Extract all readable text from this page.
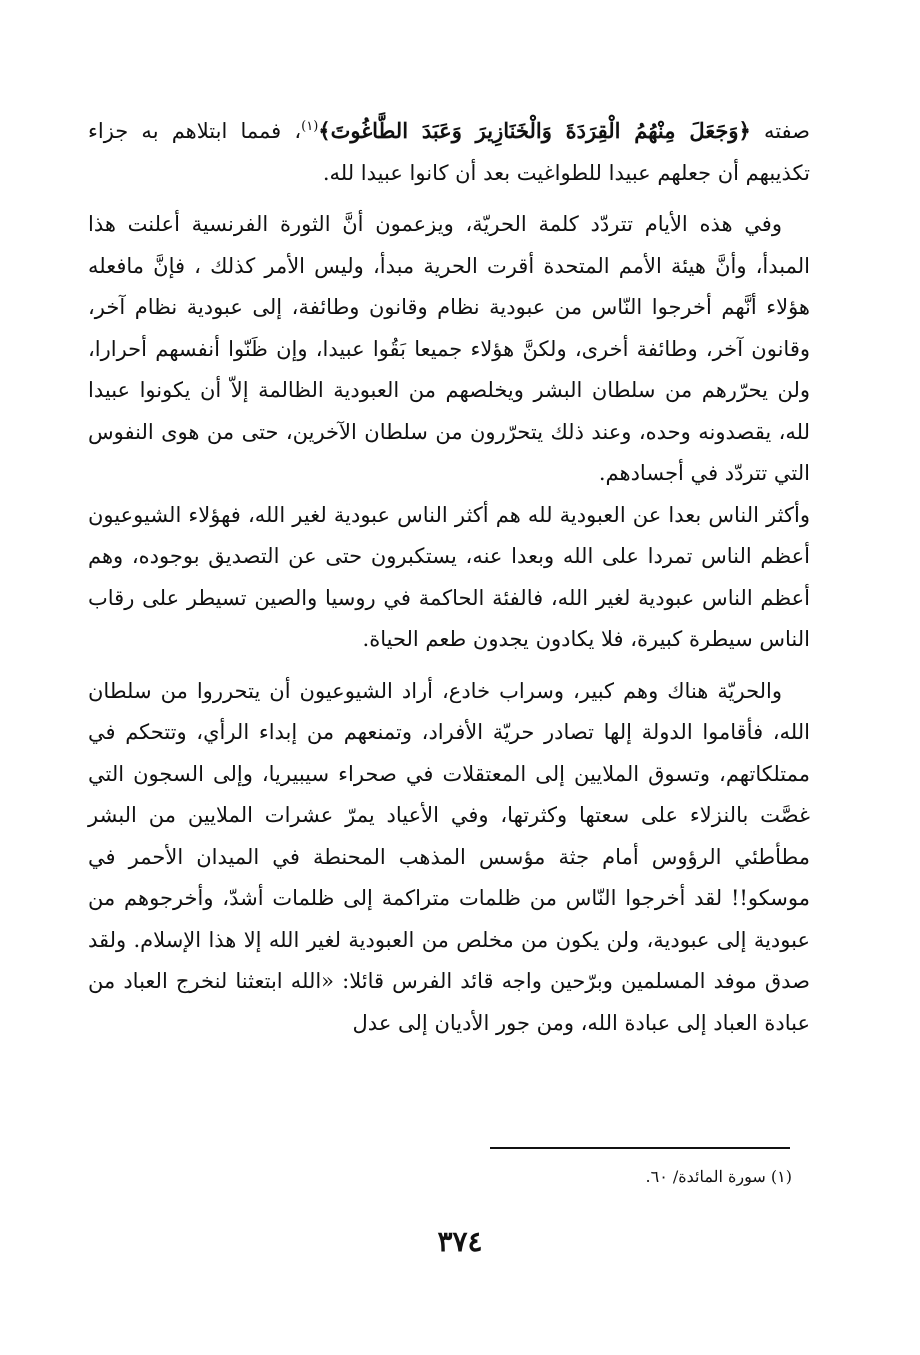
صفته ﴿وَجَعَلَ مِنْهُمُ الْقِرَدَةَ وَالْخَنَازِيرَ وَعَبَدَ الطَّاغُوتَ﴾$^{(١)}$، فمما ابتلاهم به جزاء تكذيبهم أن جعلهم عبيدا للطواغيت بعد أن كانوا عبيدا لله.

وفي هذه الأيام تتردّد كلمة الحريّة، ويزعمون أنَّ الثورة الفرنسية أعلنت هذا المبدأ، وأنَّ هيئة الأمم المتحدة أقرت الحرية مبدأ، وليس الأمر كذلك ، فإنَّ مافعله هؤلاء أنَّهم أخرجوا النّاس من عبودية نظام وقانون وطائفة، إلى عبودية نظام آخر، وقانون آخر، وطائفة أخرى، ولكنَّ هؤلاء جميعا بَقُوا عبيدا، وإن ظَنّوا أنفسهم أحرارا، ولن يحرّرهم من سلطان البشر ويخلصهم من العبودية الظالمة إلاّ أن يكونوا عبيدا لله، يقصدونه وحده، وعند ذلك يتحرّرون من سلطان الآخرين، حتى من هوى النفوس التي تتردّد في أجسادهم.

وأكثر الناس بعدا عن العبودية لله هم أكثر الناس عبودية لغير الله، فهؤلاء الشيوعيون أعظم الناس تمردا على الله وبعدا عنه، يستكبرون حتى عن التصديق بوجوده، وهم أعظم الناس عبودية لغير الله، فالفئة الحاكمة في روسيا والصين تسيطر على رقاب الناس سيطرة كبيرة، فلا يكادون يجدون طعم الحياة.

والحريّة هناك وهم كبير، وسراب خادع، أراد الشيوعيون أن يتحرروا من سلطان الله، فأقاموا الدولة إلها تصادر حريّة الأفراد، وتمنعهم من إبداء الرأي، وتتحكم في ممتلكاتهم، وتسوق الملايين إلى المعتقلات في صحراء سيبيريا، وإلى السجون التي غصَّت بالنزلاء على سعتها وكثرتها، وفي الأعياد يمرّ عشرات الملايين من البشر مطأطئي الرؤوس أمام جثة مؤسس المذهب المحنطة في الميدان الأحمر في موسكو!! لقد أخرجوا النّاس من ظلمات متراكمة إلى ظلمات أشدّ، وأخرجوهم من عبودية إلى عبودية، ولن يكون من مخلص من العبودية لغير الله إلا هذا الإسلام. ولقد صدق موفد المسلمين وبرّحين واجه قائد الفرس قائلا: «الله ابتعثنا لنخرج العباد من عبادة العباد إلى عبادة الله، ومن جور الأديان إلى عدل

(١) سورة المائدة/ ٦٠.
٣٧٤
